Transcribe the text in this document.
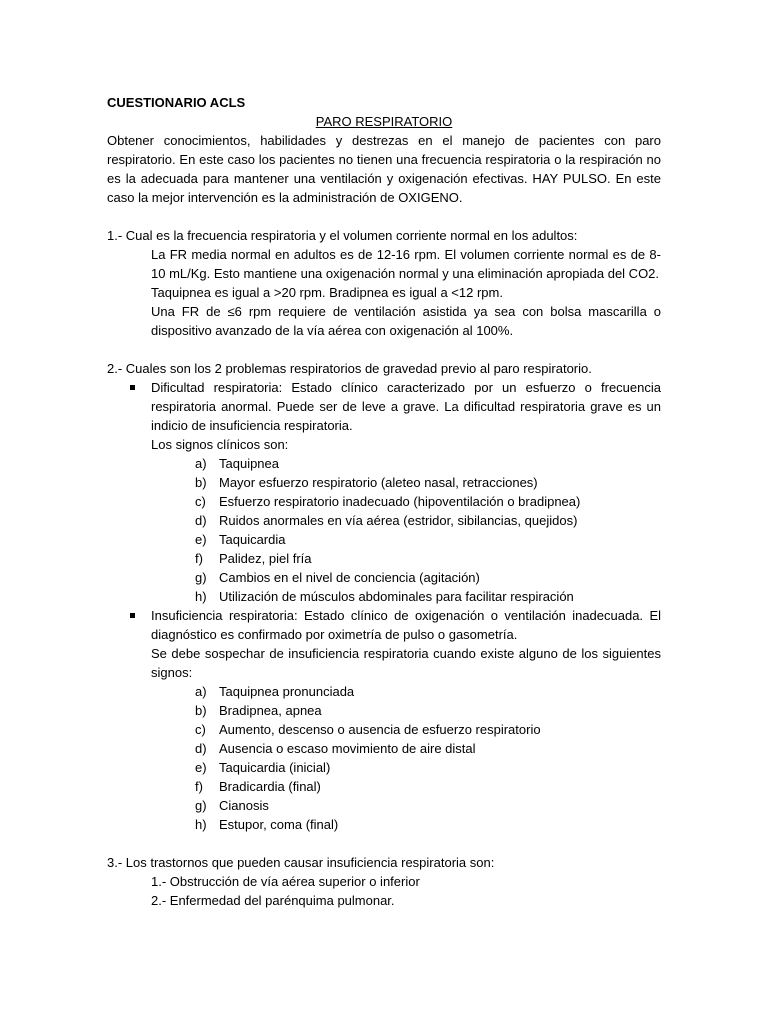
CUESTIONARIO ACLS
PARO RESPIRATORIO
Obtener conocimientos, habilidades y destrezas en el manejo de pacientes con paro respiratorio. En este caso los pacientes no tienen una frecuencia respiratoria o la respiración no es la adecuada para mantener una ventilación y oxigenación efectivas. HAY PULSO. En este caso la mejor intervención es la administración de OXIGENO.
1.- Cual es la frecuencia respiratoria y el volumen corriente normal en los adultos:
La FR media normal en adultos es de 12-16 rpm. El volumen corriente normal es de 8-10 mL/Kg. Esto mantiene una oxigenación normal y una eliminación apropiada del CO2.
Taquipnea es igual a >20 rpm. Bradipnea es igual a <12 rpm.
Una FR de ≤6 rpm requiere de ventilación asistida ya sea con bolsa mascarilla o dispositivo avanzado de la vía aérea con oxigenación al 100%.
2.- Cuales son los 2 problemas respiratorios de gravedad previo al paro respiratorio.
Dificultad respiratoria: Estado clínico caracterizado por un esfuerzo o frecuencia respiratoria anormal. Puede ser de leve a grave. La dificultad respiratoria grave es un indicio de insuficiencia respiratoria.
Los signos clínicos son:
a) Taquipnea
b) Mayor esfuerzo respiratorio (aleteo nasal, retracciones)
c) Esfuerzo respiratorio inadecuado (hipoventilación o bradipnea)
d) Ruidos anormales en vía aérea (estridor, sibilancias, quejidos)
e) Taquicardia
f) Palidez, piel fría
g) Cambios en el nivel de conciencia (agitación)
h) Utilización de músculos abdominales para facilitar respiración
Insuficiencia respiratoria: Estado clínico de oxigenación o ventilación inadecuada. El diagnóstico es confirmado por oximetría de pulso o gasometría.
Se debe sospechar de insuficiencia respiratoria cuando existe alguno de los siguientes signos:
a) Taquipnea pronunciada
b) Bradipnea, apnea
c) Aumento, descenso o ausencia de esfuerzo respiratorio
d) Ausencia o escaso movimiento de aire distal
e) Taquicardia (inicial)
f) Bradicardia (final)
g) Cianosis
h) Estupor, coma (final)
3.- Los trastornos que pueden causar insuficiencia respiratoria son:
1.- Obstrucción de vía aérea superior o inferior
2.- Enfermedad del parénquima pulmonar.
